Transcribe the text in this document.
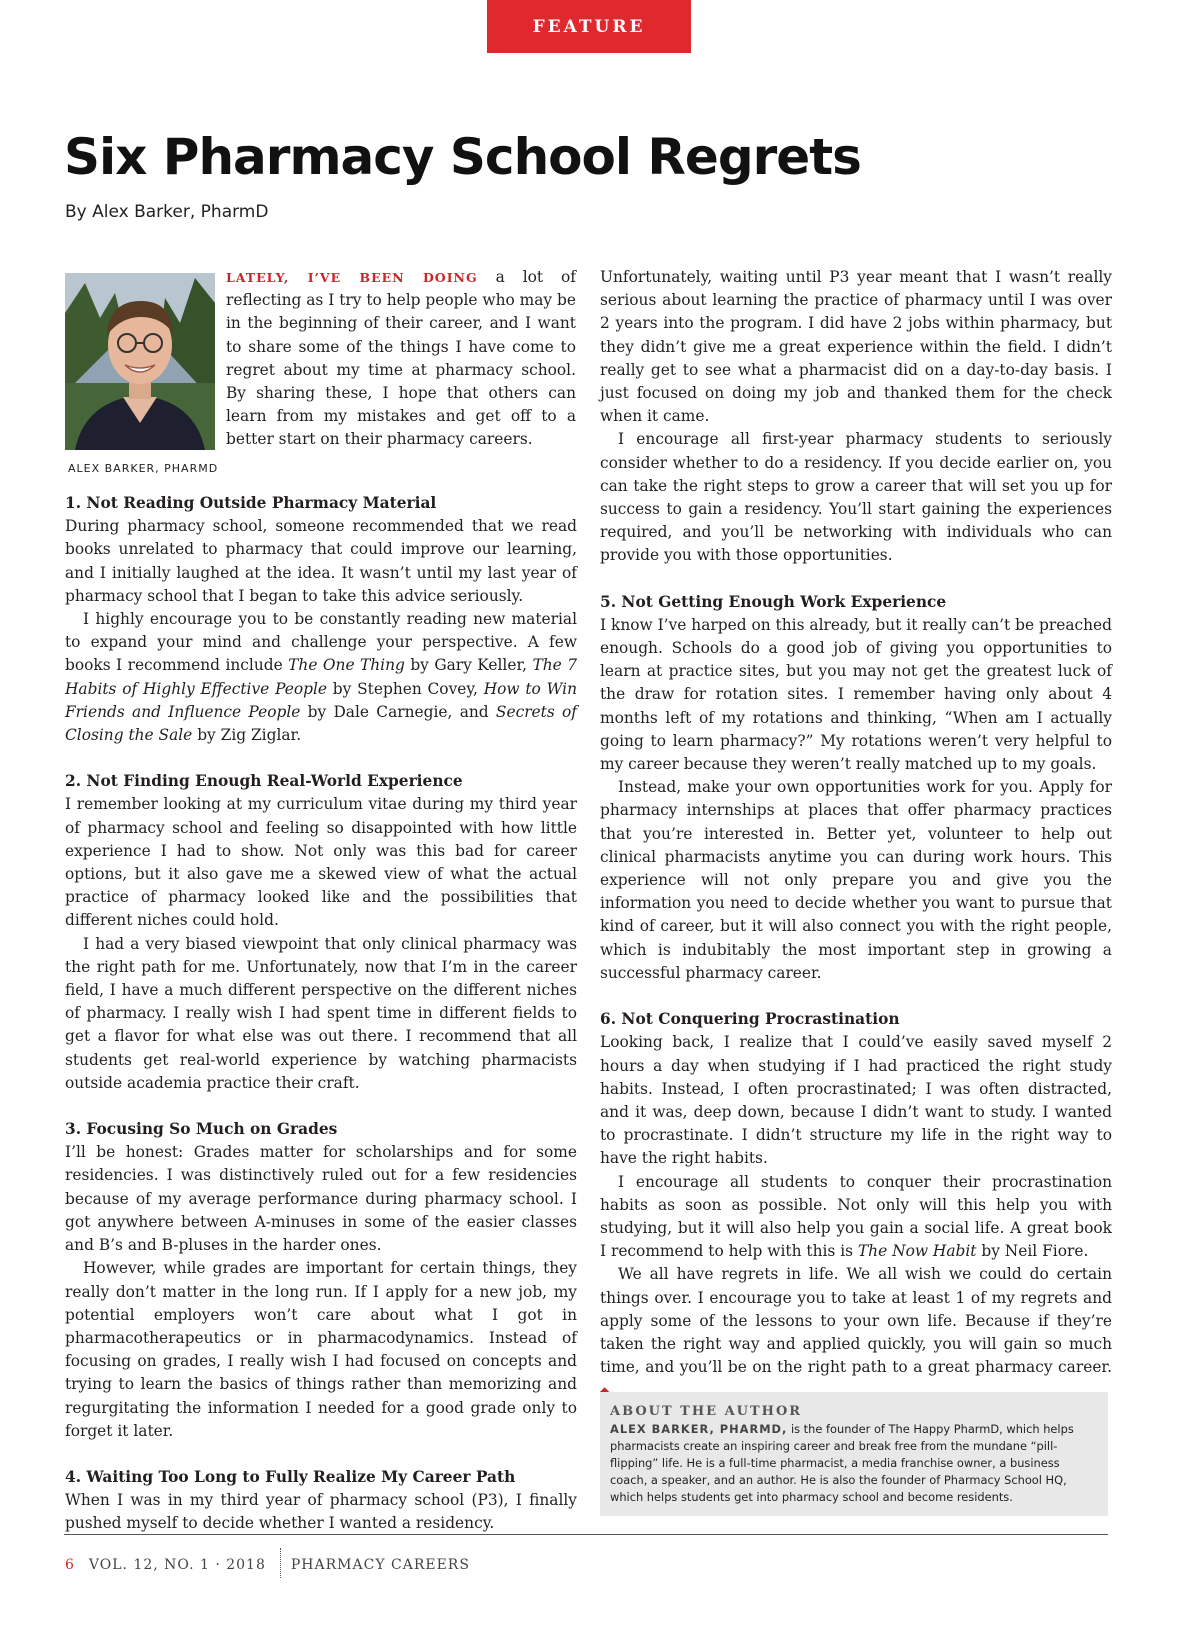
FEATURE
Six Pharmacy School Regrets
By Alex Barker, PharmD
ALEX BARKER, PHARMD

LATELY, I’VE BEEN DOING a lot of reflecting as I try to help people who may be in the beginning of their career, and I want to share some of the things I have come to regret about my time at pharmacy school. By sharing these, I hope that others can learn from my mistakes and get off to a better start on their pharmacy careers.

1. Not Reading Outside Pharmacy Material

During pharmacy school, someone recommended that we read books unrelated to pharmacy that could improve our learning, and I initially laughed at the idea. It wasn’t until my last year of pharmacy school that I began to take this advice seriously.

I highly encourage you to be constantly reading new material to expand your mind and challenge your perspective. A few books I recommend include The One Thing by Gary Keller, The 7 Habits of Highly Effective People by Stephen Covey, How to Win Friends and Influence People by Dale Carnegie, and Secrets of Closing the Sale by Zig Ziglar.

2. Not Finding Enough Real-World Experience

I remember looking at my curriculum vitae during my third year of pharmacy school and feeling so disappointed with how little experience I had to show. Not only was this bad for career options, but it also gave me a skewed view of what the actual practice of pharmacy looked like and the possibilities that different niches could hold.

I had a very biased viewpoint that only clinical pharmacy was the right path for me. Unfortunately, now that I’m in the career field, I have a much different perspective on the different niches of pharmacy. I really wish I had spent time in different fields to get a flavor for what else was out there. I recommend that all students get real-world experience by watching pharmacists outside academia practice their craft.

3. Focusing So Much on Grades

I’ll be honest: Grades matter for scholarships and for some residencies. I was distinctively ruled out for a few residencies because of my average performance during pharmacy school. I got anywhere between A-minuses in some of the easier classes and B’s and B-pluses in the harder ones.

However, while grades are important for certain things, they really don’t matter in the long run. If I apply for a new job, my potential employers won’t care about what I got in pharmacotherapeutics or in pharmacodynamics. Instead of focusing on grades, I really wish I had focused on concepts and trying to learn the basics of things rather than memorizing and regurgitating the information I needed for a good grade only to forget it later.

4. Waiting Too Long to Fully Realize My Career Path

When I was in my third year of pharmacy school (P3), I finally pushed myself to decide whether I wanted a residency.

Unfortunately, waiting until P3 year meant that I wasn’t really serious about learning the practice of pharmacy until I was over 2 years into the program. I did have 2 jobs within pharmacy, but they didn’t give me a great experience within the field. I didn’t really get to see what a pharmacist did on a day-to-day basis. I just focused on doing my job and thanked them for the check when it came.

I encourage all first-year pharmacy students to seriously consider whether to do a residency. If you decide earlier on, you can take the right steps to grow a career that will set you up for success to gain a residency. You’ll start gaining the experiences required, and you’ll be networking with individuals who can provide you with those opportunities.

5. Not Getting Enough Work Experience

I know I’ve harped on this already, but it really can’t be preached enough. Schools do a good job of giving you opportunities to learn at practice sites, but you may not get the greatest luck of the draw for rotation sites. I remember having only about 4 months left of my rotations and thinking, “When am I actually going to learn pharmacy?” My rotations weren’t very helpful to my career because they weren’t really matched up to my goals.

Instead, make your own opportunities work for you. Apply for pharmacy internships at places that offer pharmacy practices that you’re interested in. Better yet, volunteer to help out clinical pharmacists anytime you can during work hours. This experience will not only prepare you and give you the information you need to decide whether you want to pursue that kind of career, but it will also connect you with the right people, which is indubitably the most important step in growing a successful pharmacy career.

6. Not Conquering Procrastination

Looking back, I realize that I could’ve easily saved myself 2 hours a day when studying if I had practiced the right study habits. Instead, I often procrastinated; I was often distracted, and it was, deep down, because I didn’t want to study. I wanted to procrastinate. I didn’t structure my life in the right way to have the right habits.

I encourage all students to conquer their procrastination habits as soon as possible. Not only will this help you with studying, but it will also help you gain a social life. A great book I recommend to help with this is The Now Habit by Neil Fiore.

We all have regrets in life. We all wish we could do certain things over. I encourage you to take at least 1 of my regrets and apply some of the lessons to your own life. Because if they’re taken the right way and applied quickly, you will gain so much time, and you’ll be on the right path to a great pharmacy career.

ABOUT THE AUTHOR
ALEX BARKER, PHARMD, is the founder of The Happy PharmD, which helps pharmacists create an inspiring career and break free from the mundane “pill-flipping” life. He is a full-time pharmacist, a media franchise owner, a business coach, a speaker, and an author. He is also the founder of Pharmacy School HQ, which helps students get into pharmacy school and become residents.
6 VOL. 12, NO. 1 · 2018 PHARMACY CAREERS
